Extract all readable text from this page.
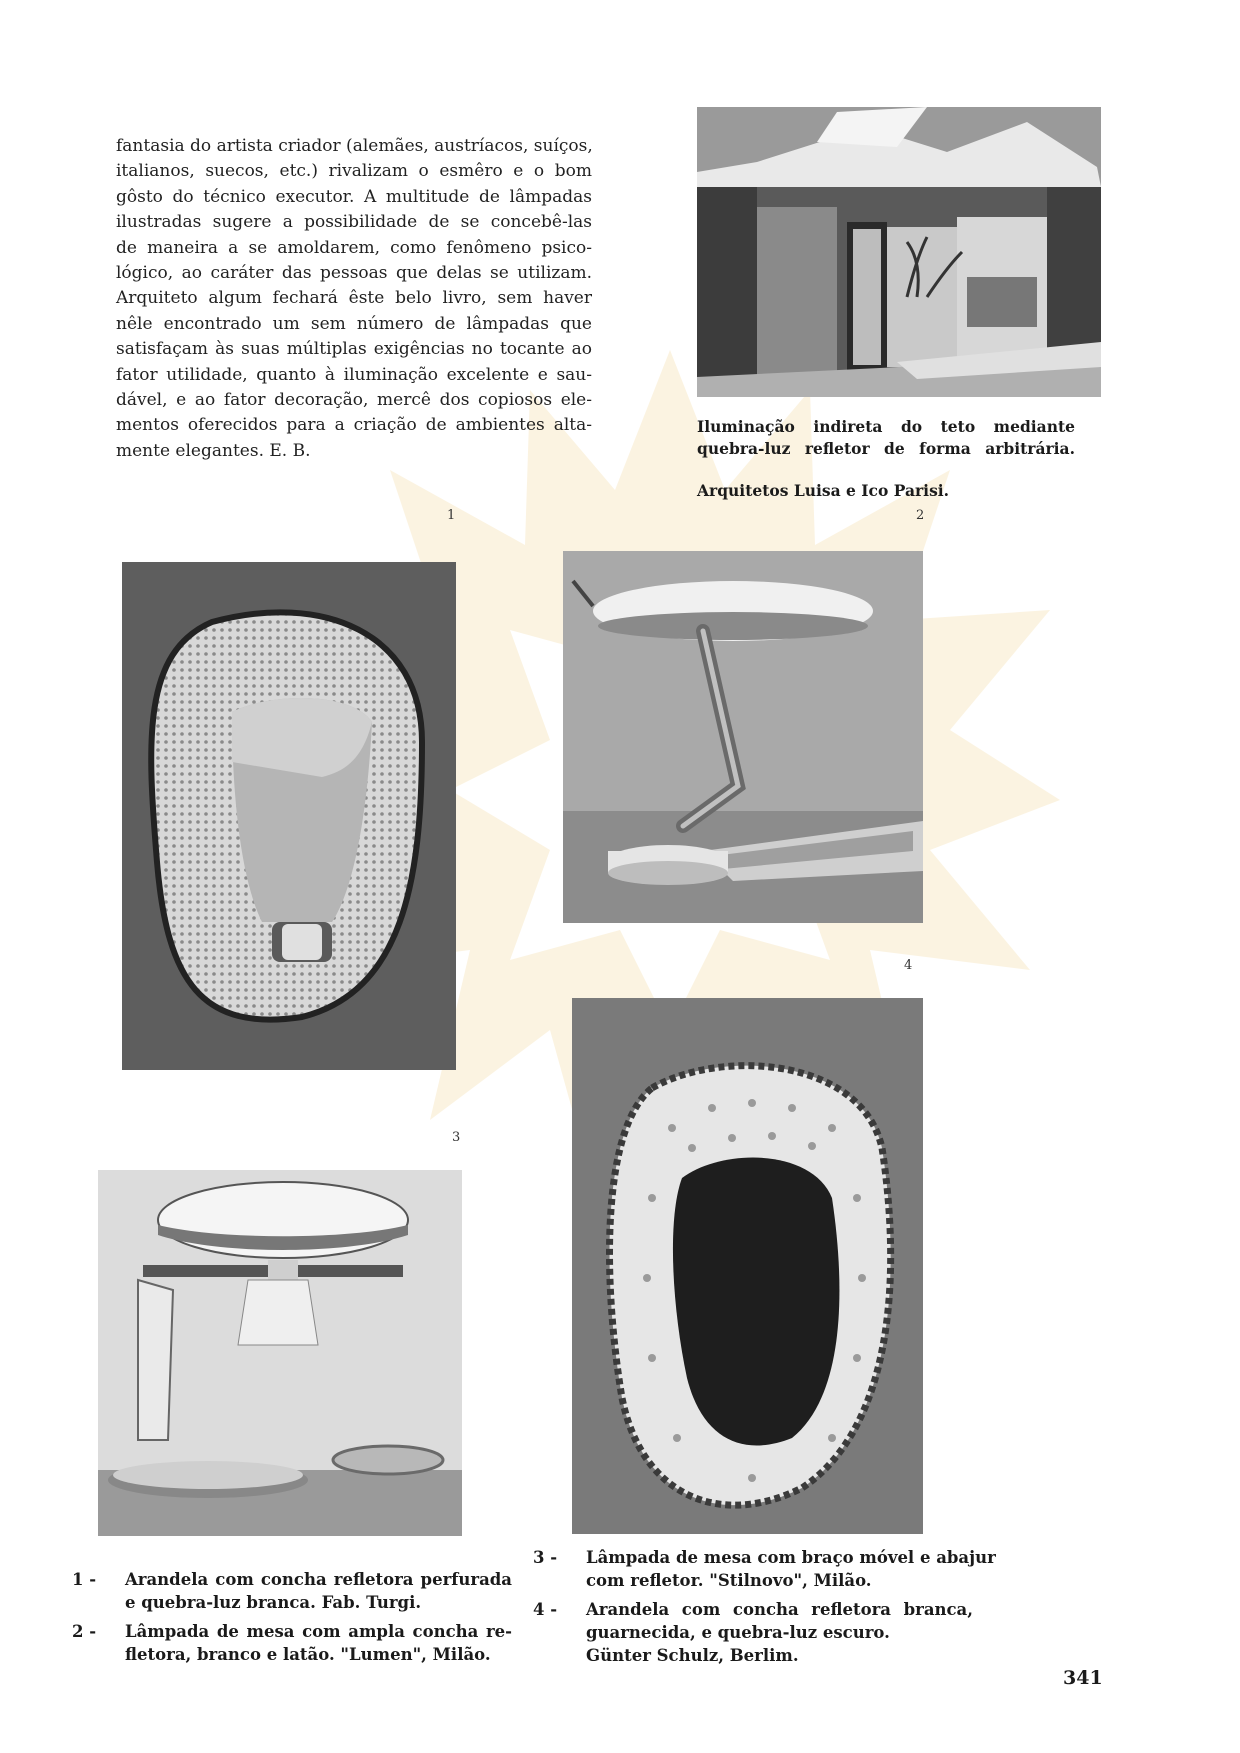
fantasia do artista criador (alemães, austríacos, suíços,
italianos, suecos, etc.) rivalizam o esmêro e o bom
gôsto do técnico executor. A multitude de lâmpadas
ilustradas sugere a possibilidade de se concebê-las
de maneira a se amoldarem, como fenômeno psico-
lógico, ao caráter das pessoas que delas se utilizam.
Arquiteto algum fechará êste belo livro, sem haver
nêle encontrado um sem número de lâmpadas que
satisfaçam às suas múltiplas exigências no tocante ao
fator utilidade, quanto à iluminação excelente e sau-
dável, e ao fator decoração, mercê dos copiosos ele-
mentos oferecidos para a criação de ambientes alta-
mente elegantes. E. B.
Iluminação indireta do teto mediante
quebra-luz refletor de forma arbitrária.
Arquitetos Luisa e Ico Parisi.
1	2
3
4
1 - Arandela com concha refletora perfurada
e quebra-luz branca. Fab. Turgi.
2 - Lâmpada de mesa com ampla concha re-
fletora, branco e latão. "Lumen", Milão.
3 - Lâmpada de mesa com braço móvel e abajur
com refletor. "Stilnovo", Milão.
4 - Arandela com concha refletora branca,
guarnecida, e quebra-luz escuro.
Günter Schulz, Berlim.
341
